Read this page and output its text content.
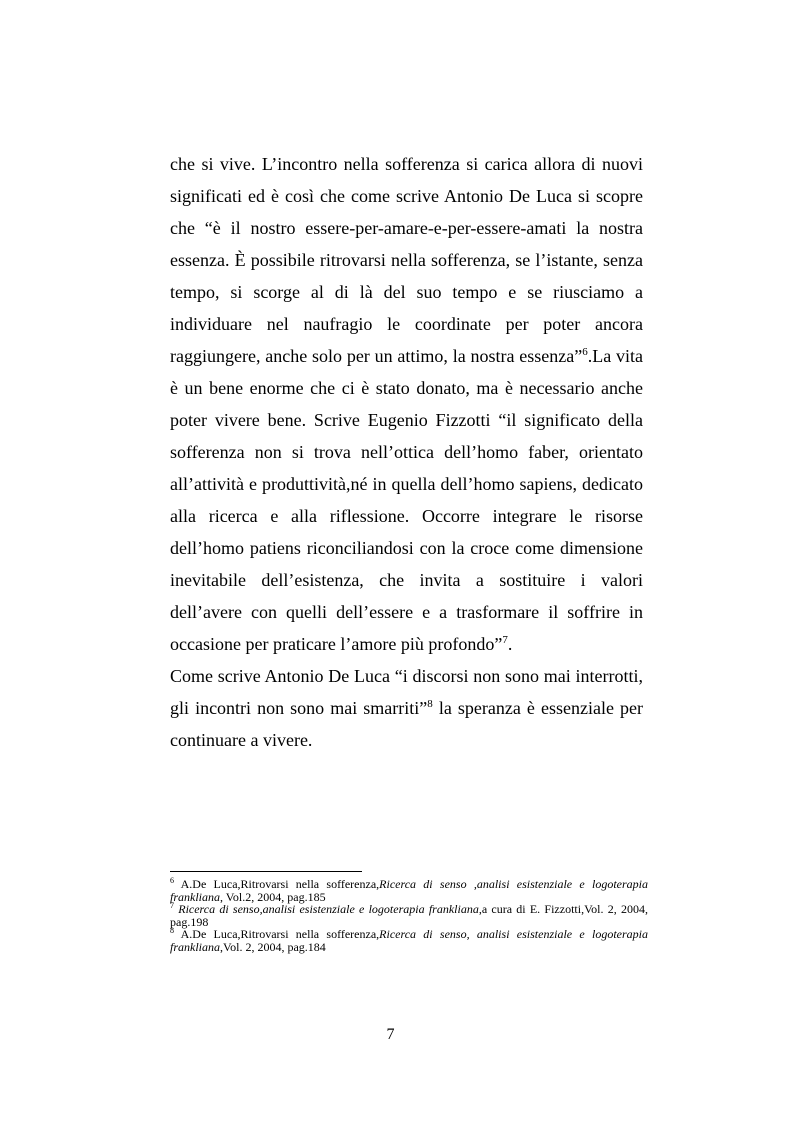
che si vive. L’incontro nella sofferenza si carica allora di nuovi significati ed è così che come scrive Antonio De Luca si scopre che “è il nostro essere-per-amare-e-per-essere-amati la nostra essenza. È possibile ritrovarsi nella sofferenza, se l’istante, senza tempo, si scorge al di là del suo tempo e se riusciamo a individuare nel naufragio le coordinate per poter ancora raggiungere, anche solo per un attimo, la nostra essenza”$^6$.La vita è un bene enorme che ci è stato donato, ma è necessario anche poter vivere bene. Scrive Eugenio Fizzotti “il significato della sofferenza non si trova nell’ottica dell’homo faber, orientato all’attività e produttività,né in quella dell’homo sapiens, dedicato alla ricerca e alla riflessione. Occorre integrare le risorse dell’homo patiens riconciliandosi con la croce come dimensione inevitabile dell’esistenza, che invita a sostituire i valori dell’avere con quelli dell’essere e a trasformare il soffrire in occasione per praticare l’amore più profondo”$^7$.

Come scrive Antonio De Luca “i discorsi non sono mai interrotti, gli incontri non sono mai smarriti”$^8$ la speranza è essenziale per continuare a vivere.

$^6$ A.De Luca,Ritrovarsi nella sofferenza,Ricerca di senso ,analisi esistenziale e logoterapia frankliana, Vol.2, 2004, pag.185

$^7$ Ricerca di senso,analisi esistenziale e logoterapia frankliana,a cura di E. Fizzotti,Vol. 2, 2004, pag.198

$^8$ A.De Luca,Ritrovarsi nella sofferenza,Ricerca di senso, analisi esistenziale e logoterapia frankliana,Vol. 2, 2004, pag.184

7
